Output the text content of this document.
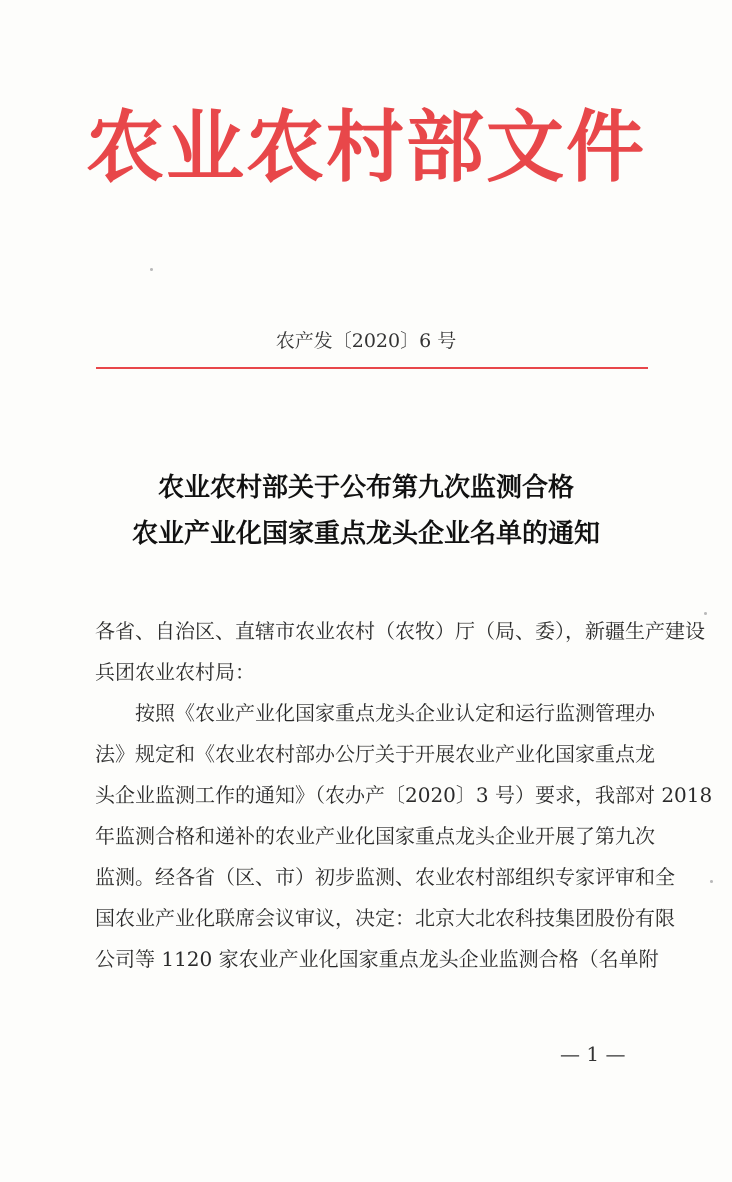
农业农村部文件
农产发〔2020〕6 号
农业农村部关于公布第九次监测合格
农业产业化国家重点龙头企业名单的通知
各省、自治区、直辖市农业农村（农牧）厅（局、委），新疆生产建设
兵团农业农村局：
　　按照《农业产业化国家重点龙头企业认定和运行监测管理办
法》规定和《农业农村部办公厅关于开展农业产业化国家重点龙
头企业监测工作的通知》（农办产〔2020〕3 号）要求，我部对 2018
年监测合格和递补的农业产业化国家重点龙头企业开展了第九次
监测。经各省（区、市）初步监测、农业农村部组织专家评审和全
国农业产业化联席会议审议，决定：北京大北农科技集团股份有限
公司等 1120 家农业产业化国家重点龙头企业监测合格（名单附
— 1 —
